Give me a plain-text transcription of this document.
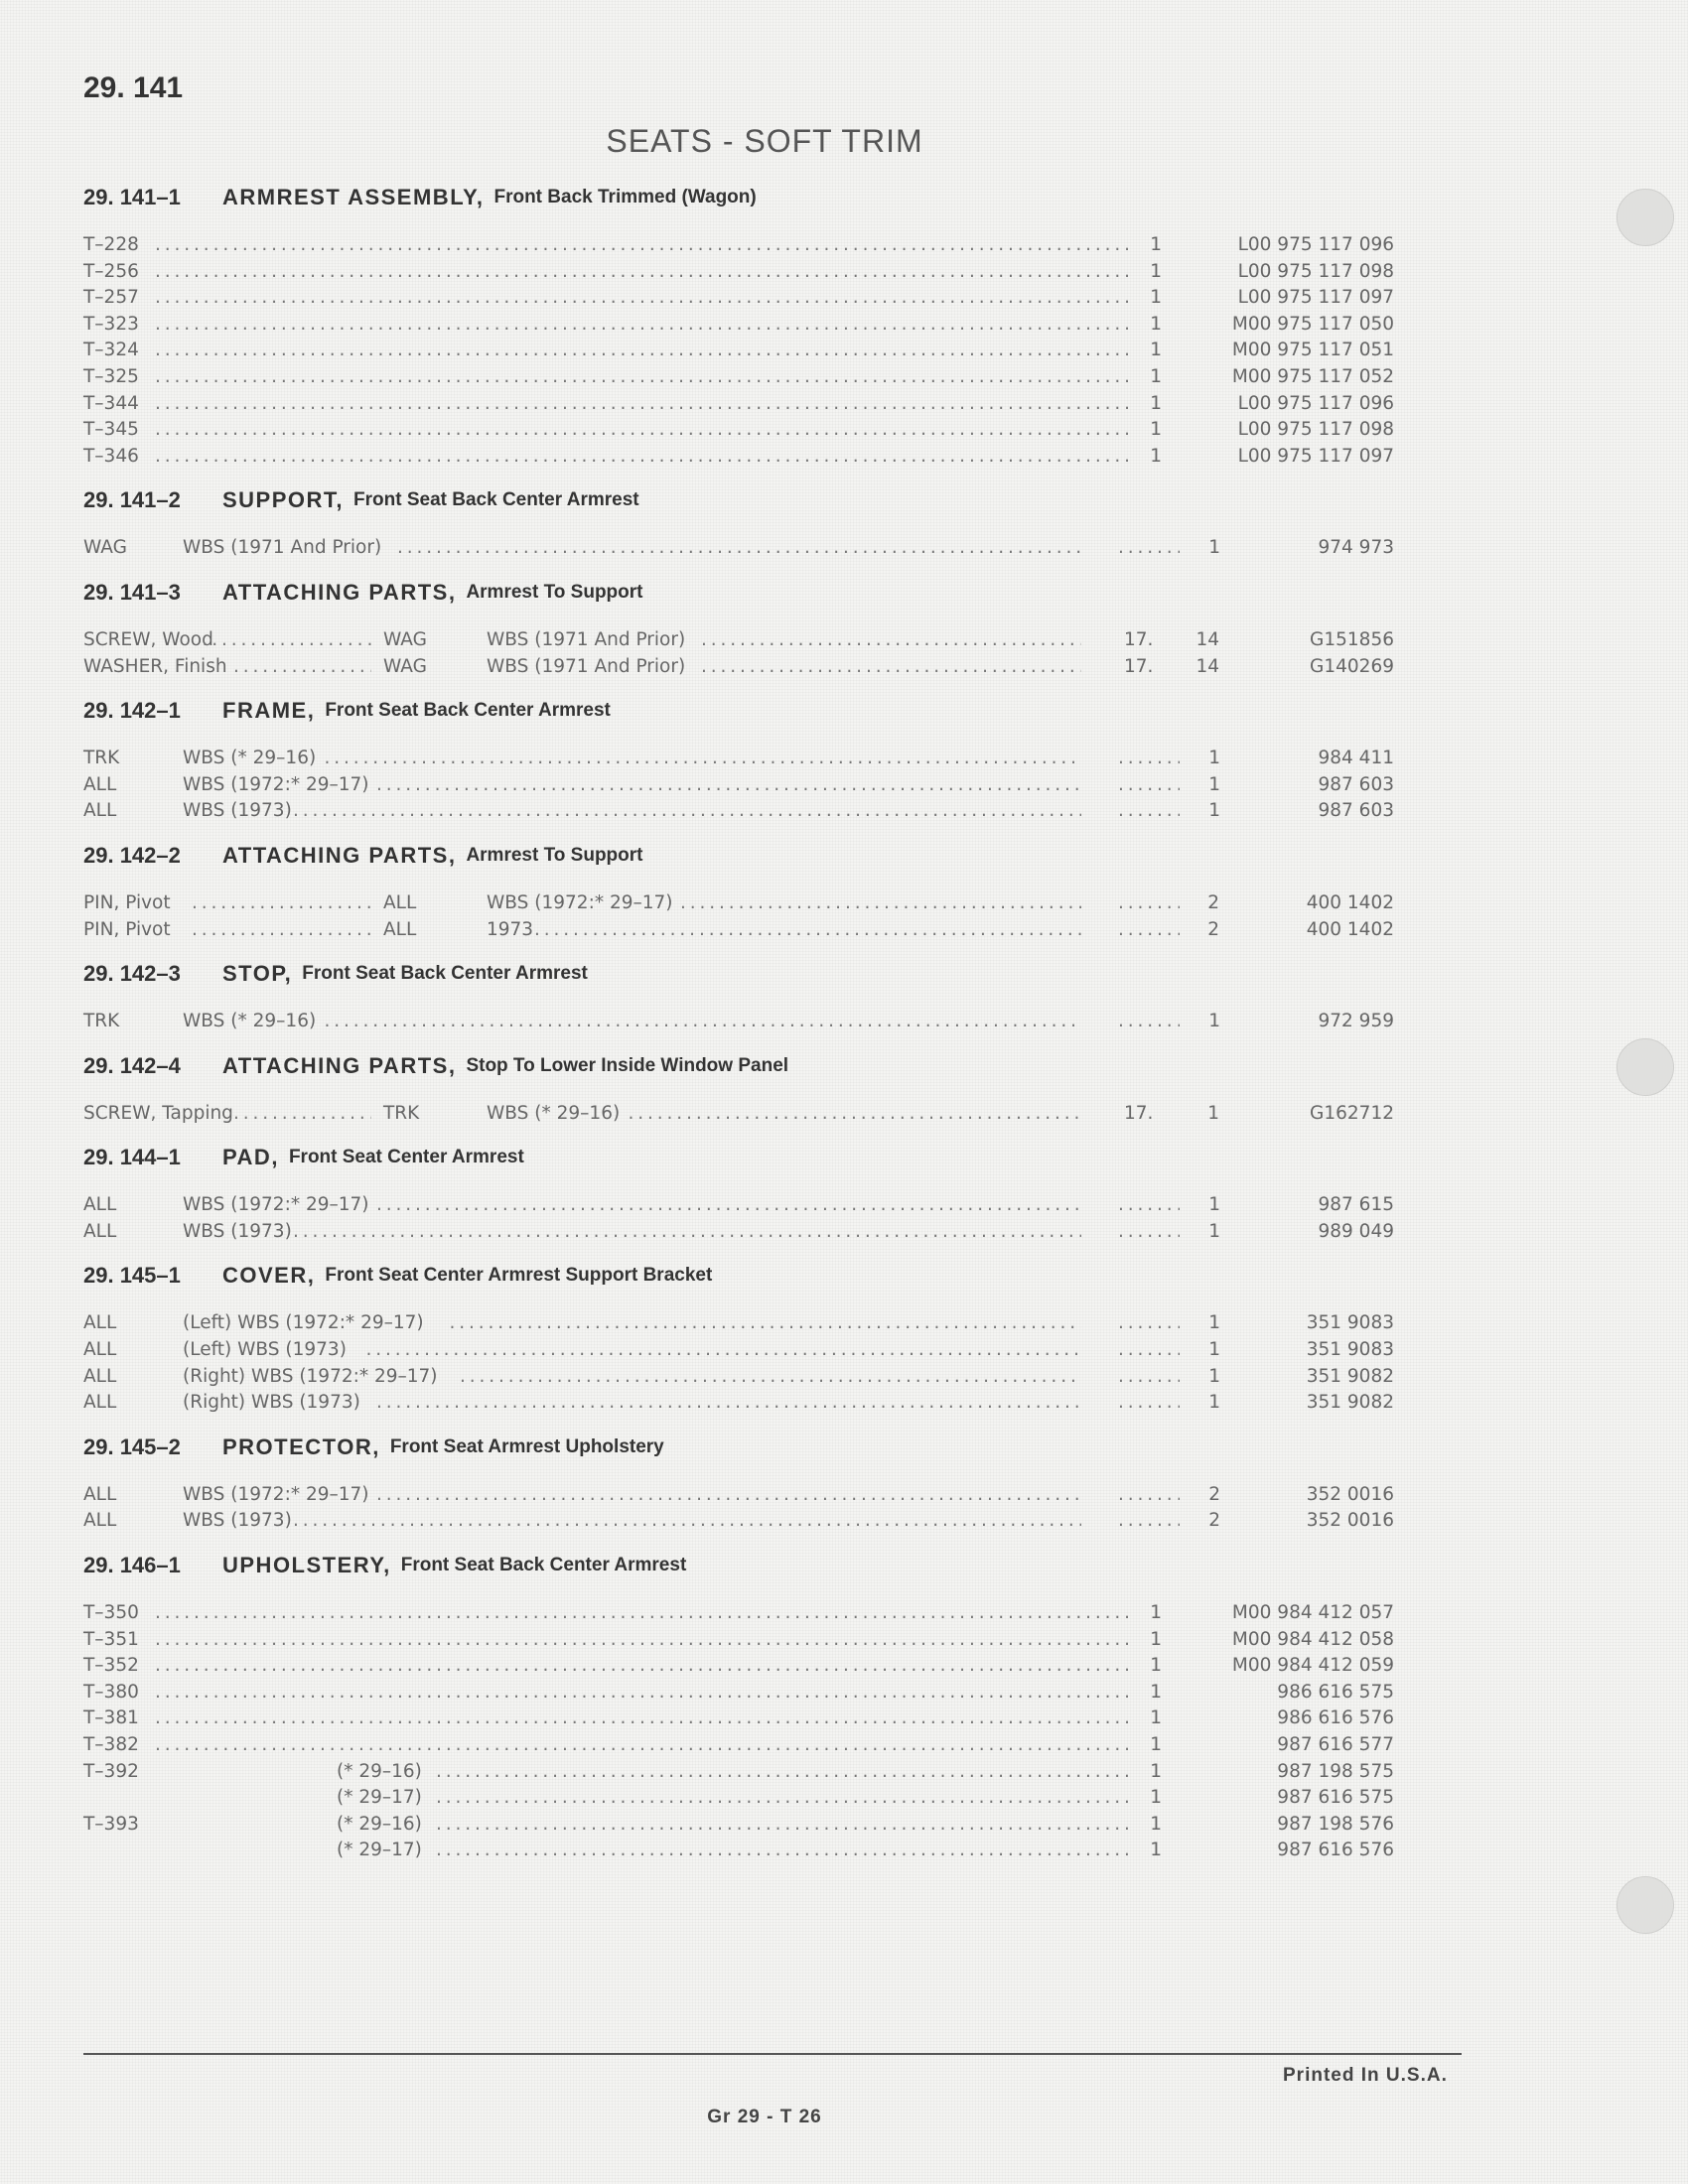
29. 141
SEATS - SOFT TRIM
29. 141–1	ARMREST ASSEMBLY, Front Back Trimmed (Wagon)
T–228 . . .	1	L00 975 117 096
T–256 . . .	1	L00 975 117 098
T–257 . . .	1	L00 975 117 097
T–323 . . .	1	M00 975 117 050
T–324 . . .	1	M00 975 117 051
T–325 . . .	1	M00 975 117 052
T–344 . . .	1	L00 975 117 096
T–345 . . .	1	L00 975 117 098
T–346 . . .	1	L00 975 117 097
29. 141–2	SUPPORT, Front Seat Back Center Armrest
WAG	WBS (1971 And Prior) . . . . . .	1	974 973
29. 141–3	ATTACHING PARTS, Armrest To Support
SCREW, Wood . . .	WAG	WBS (1971 And Prior) . . .	17.	14	G151856
WASHER, Finish . . .	WAG	WBS (1971 And Prior) . . .	17.	14	G140269
29. 142–1	FRAME, Front Seat Back Center Armrest
TRK	WBS (* 29–16) . . . . . .	1	984 411
ALL	WBS (1972:* 29–17) . . . . . .	1	987 603
ALL	WBS (1973) . . . . . .	1	987 603
29. 142–2	ATTACHING PARTS, Armrest To Support
PIN, Pivot . . .	ALL	WBS (1972:* 29–17) . . . . . .	2	400 1402
PIN, Pivot . . .	ALL	1973 . . . . . .	2	400 1402
29. 142–3	STOP, Front Seat Back Center Armrest
TRK	WBS (* 29–16) . . . . . .	1	972 959
29. 142–4	ATTACHING PARTS, Stop To Lower Inside Window Panel
SCREW, Tapping . . .	TRK	WBS (* 29–16) . . .	17.	1	G162712
29. 144–1	PAD, Front Seat Center Armrest
ALL	WBS (1972:* 29–17) . . . . . .	1	987 615
ALL	WBS (1973) . . . . . .	1	989 049
29. 145–1	COVER, Front Seat Center Armrest Support Bracket
ALL	(Left) WBS (1972:* 29–17) . . . . . .	1	351 9083
ALL	(Left) WBS (1973) . . . . . .	1	351 9083
ALL	(Right) WBS (1972:* 29–17) . . . . . .	1	351 9082
ALL	(Right) WBS (1973) . . . . . .	1	351 9082
29. 145–2	PROTECTOR, Front Seat Armrest Upholstery
ALL	WBS (1972:* 29–17) . . . . . .	2	352 0016
ALL	WBS (1973) . . . . . .	2	352 0016
29. 146–1	UPHOLSTERY, Front Seat Back Center Armrest
T–350 . . .	1	M00 984 412 057
T–351 . . .	1	M00 984 412 058
T–352 . . .	1	M00 984 412 059
T–380 . . .	1	986 616 575
T–381 . . .	1	986 616 576
T–382 . . .	1	987 616 577
T–392	(* 29–16) . . .	1	987 198 575
(* 29–17) . . .	1	987 616 575
T–393	(* 29–16) . . .	1	987 198 576
(* 29–17) . . .	1	987 616 576
Printed In U.S.A.
Gr 29 - T 26
